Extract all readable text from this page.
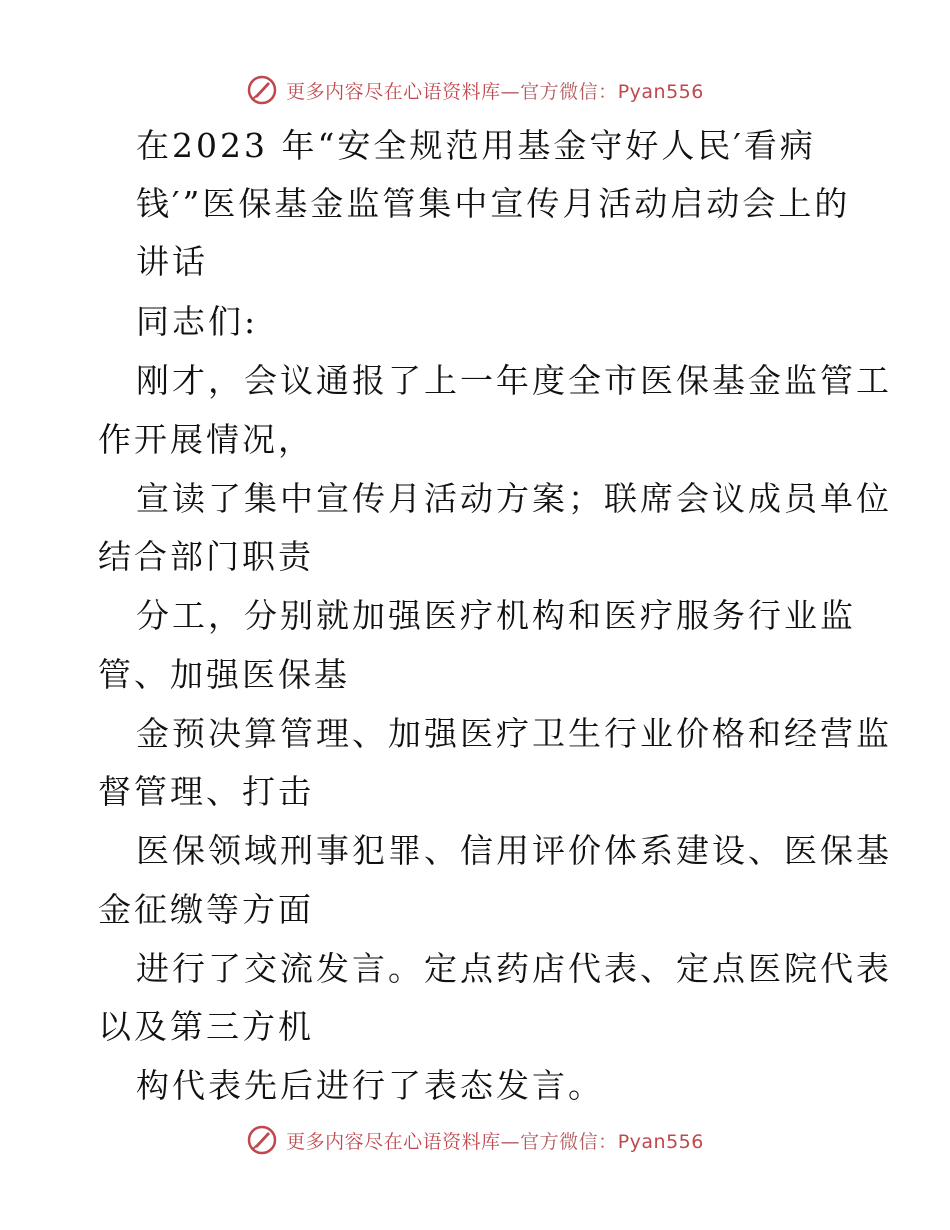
更多内容尽在心语资料库—官方微信：Pyan556
在2023 年“安全规范用基金守好人民′看病
钱′”医保基金监管集中宣传月活动启动会上的
讲话
同志们:
刚才，会议通报了上一年度全市医保基金监管工
作开展情况，
宣读了集中宣传月活动方案；联席会议成员单位
结合部门职责
分工，分别就加强医疗机构和医疗服务行业监
管、加强医保基
金预决算管理、加强医疗卫生行业价格和经营监
督管理、打击
医保领域刑事犯罪、信用评价体系建设、医保基
金征缴等方面
进行了交流发言。定点药店代表、定点医院代表
以及第三方机
构代表先后进行了表态发言。
更多内容尽在心语资料库—官方微信：Pyan556
